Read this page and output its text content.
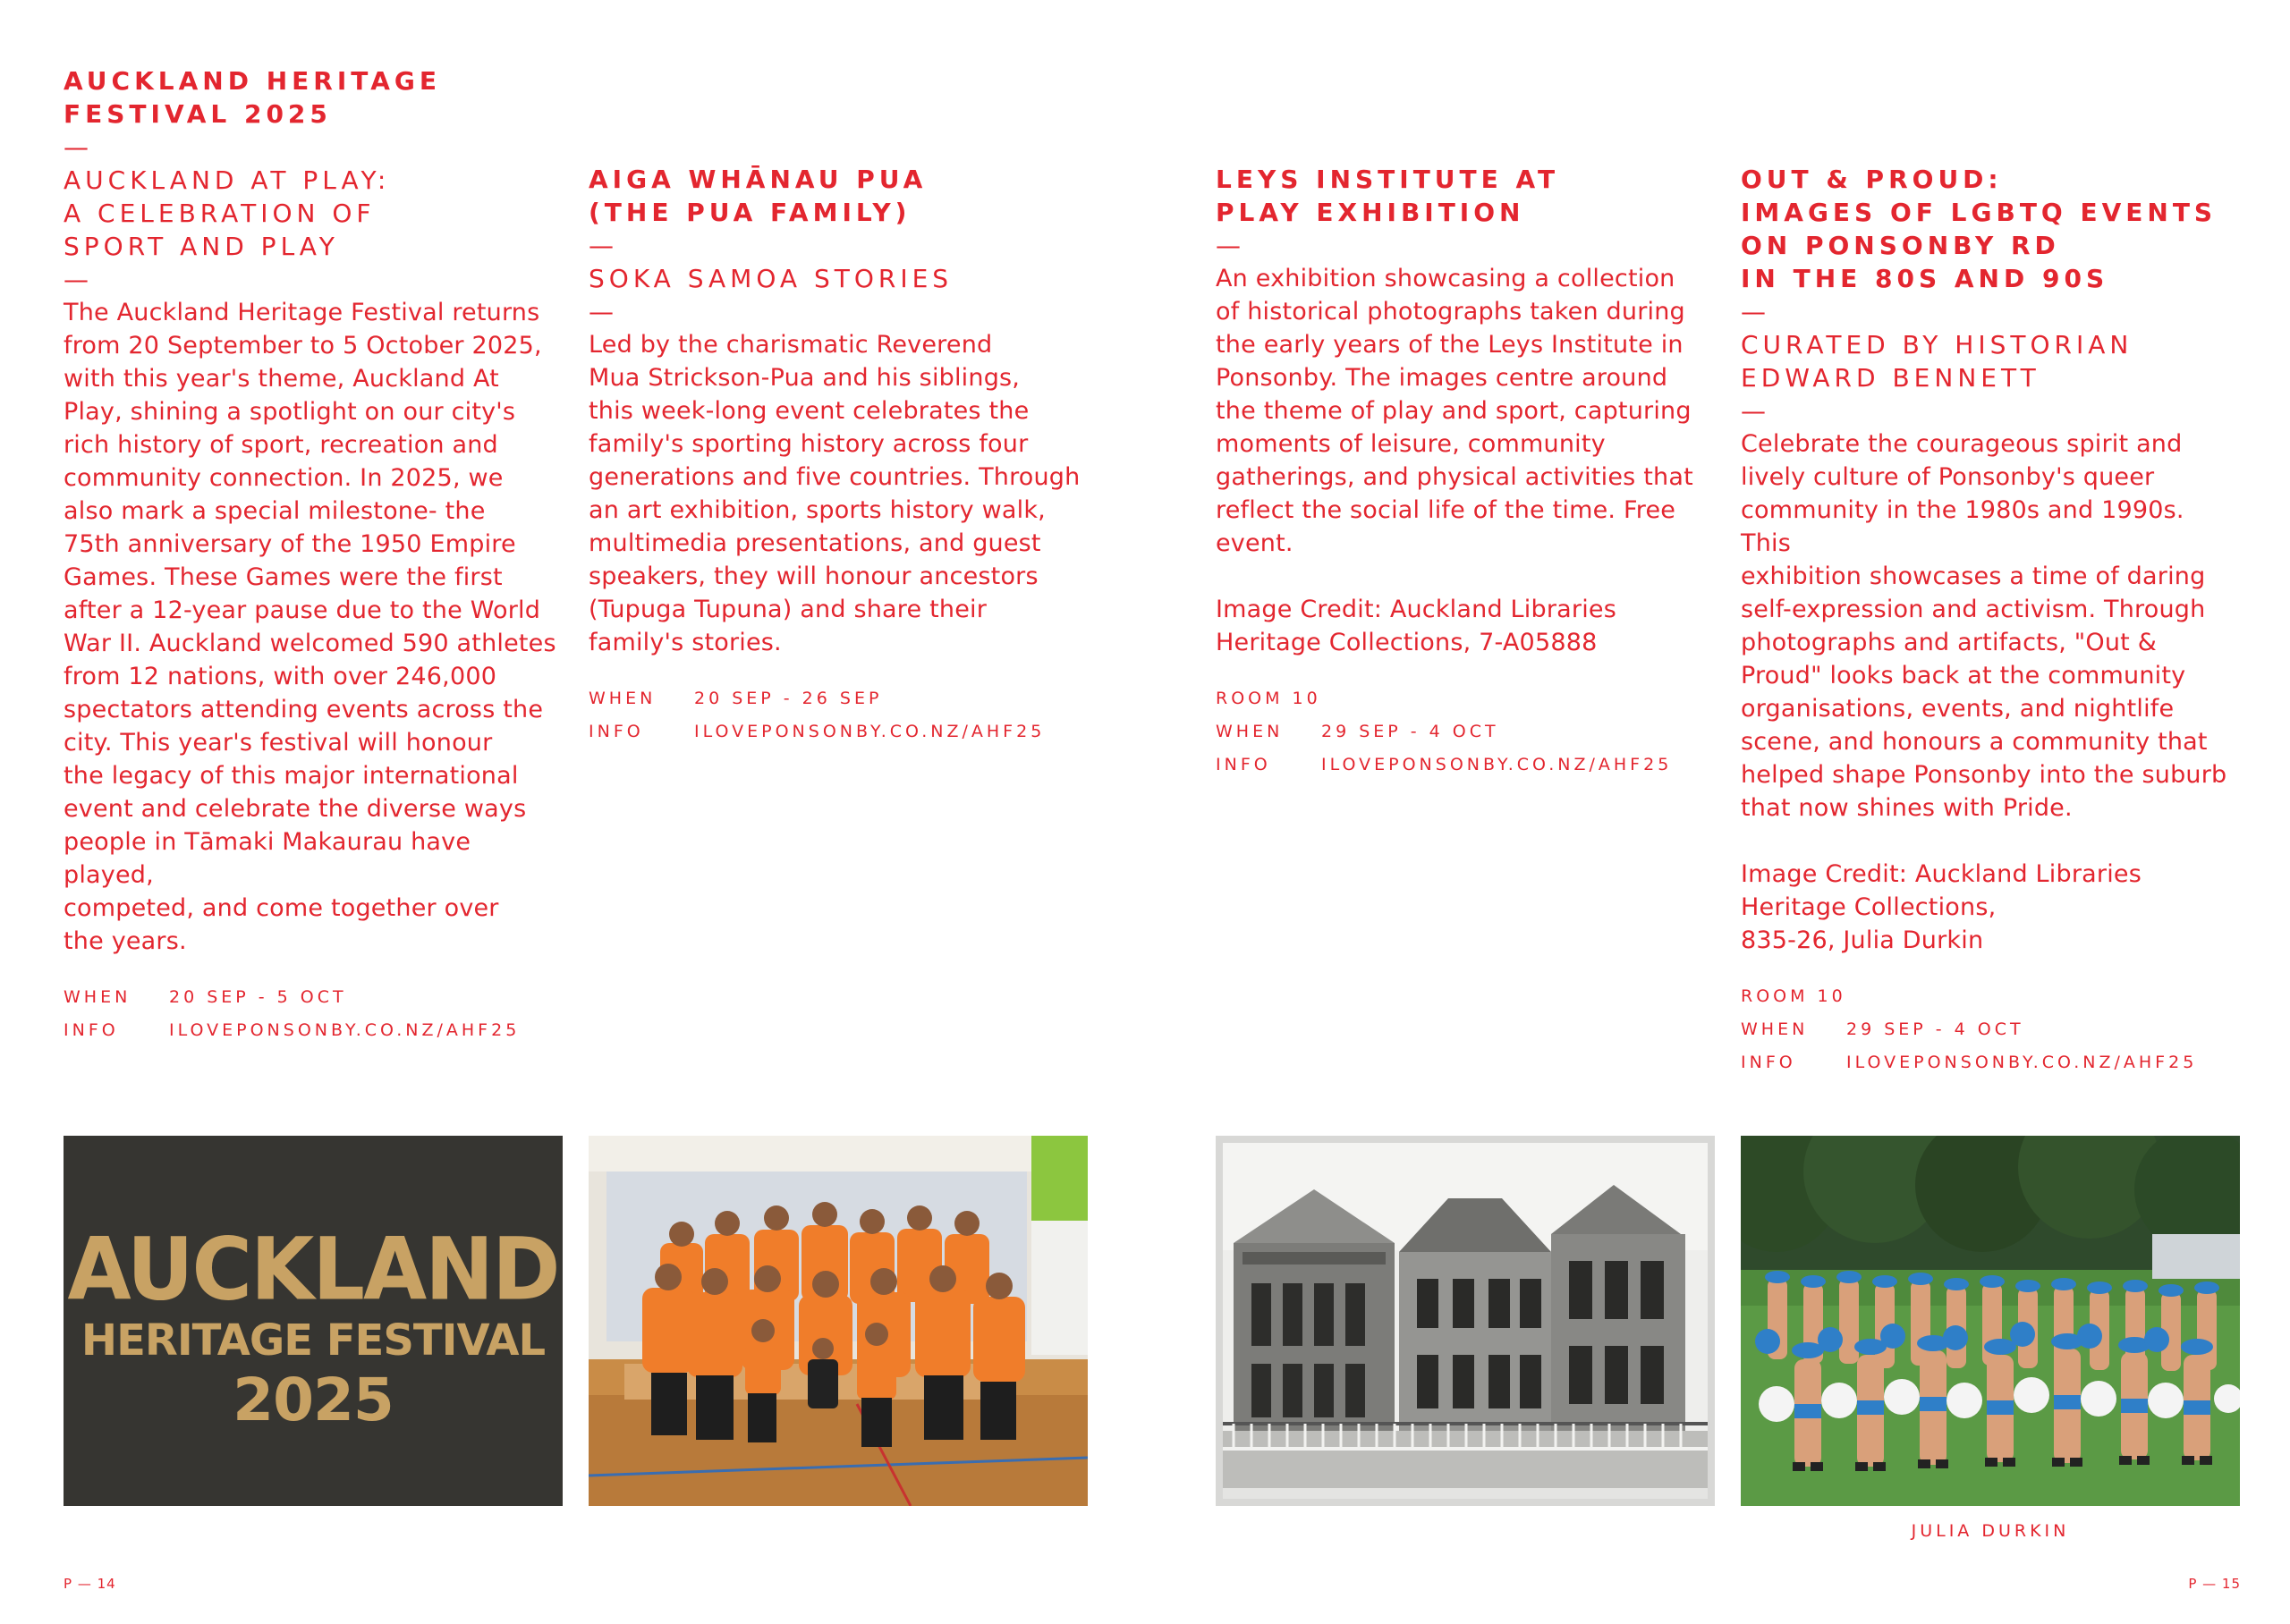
AUCKLAND HERITAGE
FESTIVAL 2025

—

AUCKLAND AT PLAY:
A CELEBRATION OF
SPORT AND PLAY

—

The Auckland Heritage Festival returns
from 20 September to 5 October 2025,
with this year's theme, Auckland At
Play, shining a spotlight on our city's
rich history of sport, recreation and
community connection. In 2025, we
also mark a special milestone- the
75th anniversary of the 1950 Empire
Games. These Games were the first
after a 12-year pause due to the World
War II. Auckland welcomed 590 athletes
from 12 nations, with over 246,000
spectators attending events across the
city. This year's festival will honour
the legacy of this major international
event and celebrate the diverse ways
people in Tāmaki Makaurau have played,
competed, and come together over
the years.

WHEN	20 SEP - 5 OCT
INFO	ILOVEPONSONBY.CO.NZ/AHF25

AIGA WHĀNAU PUA
(THE PUA FAMILY)

—

SOKA SAMOA STORIES

—

Led by the charismatic Reverend
Mua Strickson-Pua and his siblings,
this week-long event celebrates the
family's sporting history across four
generations and five countries. Through
an art exhibition, sports history walk,
multimedia presentations, and guest
speakers, they will honour ancestors
(Tupuga Tupuna) and share their
family's stories.

WHEN	20 SEP - 26 SEP
INFO	ILOVEPONSONBY.CO.NZ/AHF25

LEYS INSTITUTE AT
PLAY EXHIBITION

—

An exhibition showcasing a collection
of historical photographs taken during
the early years of the Leys Institute in
Ponsonby. The images centre around
the theme of play and sport, capturing
moments of leisure, community
gatherings, and physical activities that
reflect the social life of the time. Free
event.

Image Credit: Auckland Libraries
Heritage Collections, 7-A05888

ROOM 10
WHEN	29 SEP - 4 OCT
INFO	ILOVEPONSONBY.CO.NZ/AHF25

OUT & PROUD:
IMAGES OF LGBTQ EVENTS
ON PONSONBY RD
IN THE 80S AND 90S

—

CURATED BY HISTORIAN
EDWARD BENNETT

—

Celebrate the courageous spirit and
lively culture of Ponsonby's queer
community in the 1980s and 1990s. This
exhibition showcases a time of daring
self-expression and activism. Through
photographs and artifacts, "Out &
Proud" looks back at the community
organisations, events, and nightlife
scene, and honours a community that
helped shape Ponsonby into the suburb
that now shines with Pride.

Image Credit: Auckland Libraries
Heritage Collections,
835-26, Julia Durkin

ROOM 10
WHEN	29 SEP - 4 OCT
INFO	ILOVEPONSONBY.CO.NZ/AHF25
AUCKLAND
HERITAGE FESTIVAL
2025
JULIA DURKIN
P — 14	P — 15
